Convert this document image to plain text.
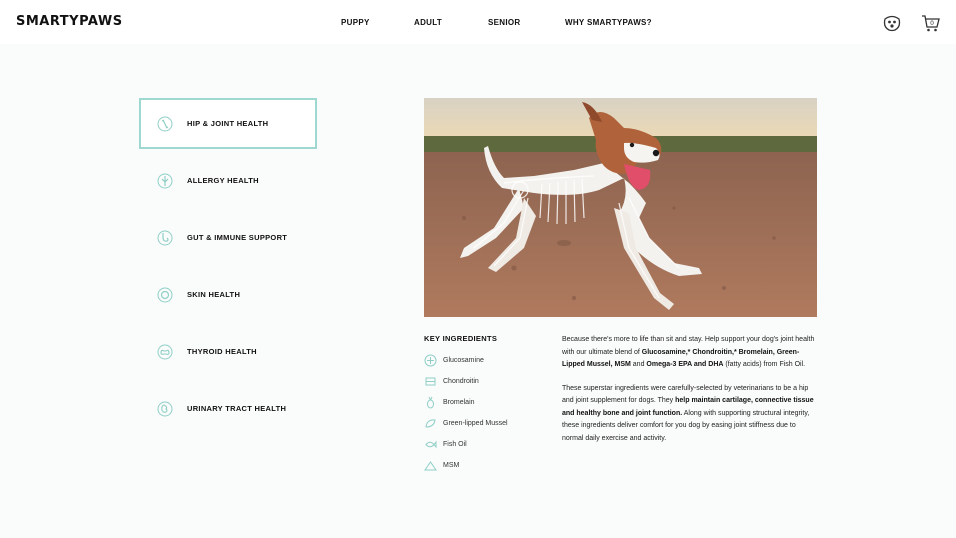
SMARTYPAWS	PUPPY	ADULT	SENIOR	WHY SMARTYPAWS?	0
HIP & JOINT HEALTH
ALLERGY HEALTH
GUT & IMMUNE SUPPORT
SKIN HEALTH
THYROID HEALTH
URINARY TRACT HEALTH
KEY INGREDIENTS
Glucosamine
Chondroitin
Bromelain
Green-lipped Mussel
Fish Oil
MSM

Because there's more to life than sit and stay. Help support your dog's joint health with our ultimate blend of Glucosamine,* Chondroitin,* Bromelain, Green-Lipped Mussel, MSM and Omega-3 EPA and DHA (fatty acids) from Fish Oil.

These superstar ingredients were carefully-selected by veterinarians to be a hip and joint supplement for dogs. They help maintain cartilage, connective tissue and healthy bone and joint function. Along with supporting structural integrity, these ingredients deliver comfort for you dog by easing joint stiffness due to normal daily exercise and activity.
